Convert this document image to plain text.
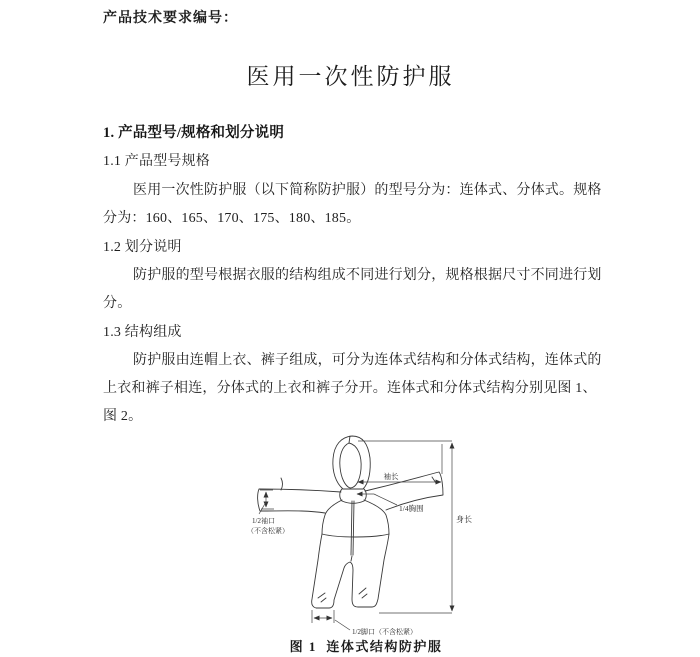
产品技术要求编号：
医用一次性防护服
1. 产品型号/规格和划分说明
1.1 产品型号规格
医用一次性防护服（以下简称防护服）的型号分为：连体式、分体式。规格
分为：160、165、170、175、180、185。
1.2 划分说明
防护服的型号根据衣服的结构组成不同进行划分，规格根据尺寸不同进行划
分。
1.3 结构组成
防护服由连帽上衣、裤子组成，可分为连体式结构和分体式结构，连体式的
上衣和裤子相连，分体式的上衣和裤子分开。连体式和分体式结构分别见图 1、
图 2。
袖长
1/4胸围
身长
1/2袖口
（不含松紧）
1/2脚口（不含松紧）
图 1  连体式结构防护服
